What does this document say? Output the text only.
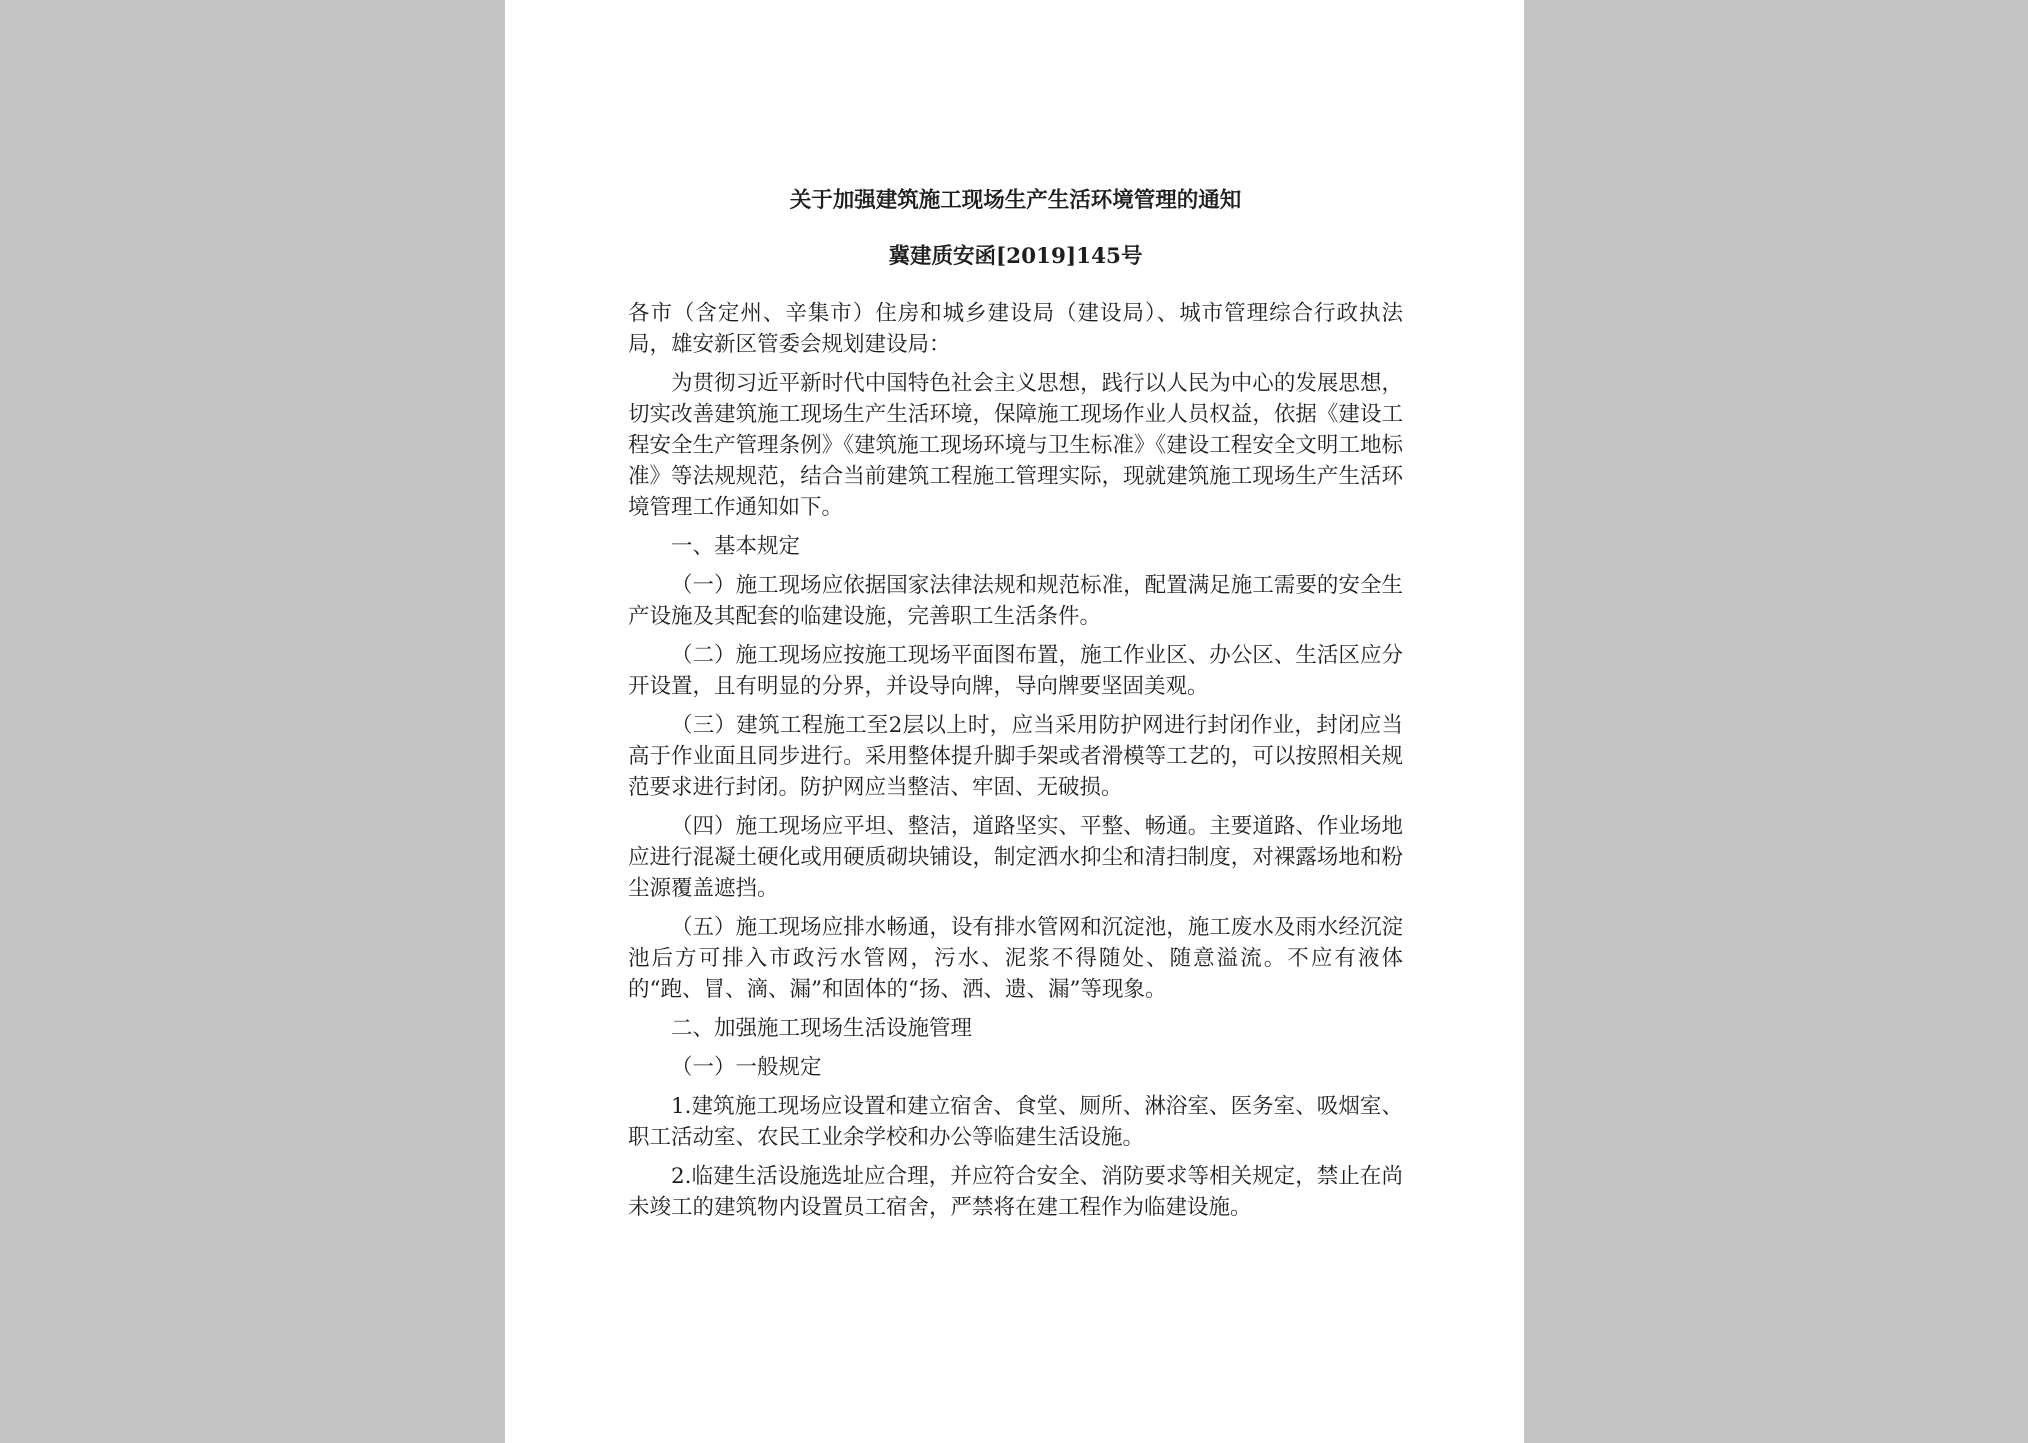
关于加强建筑施工现场生产生活环境管理的通知
冀建质安函[2019]145号
各市（含定州、辛集市）住房和城乡建设局（建设局）、城市管理综合行政执法局，雄安新区管委会规划建设局：

为贯彻习近平新时代中国特色社会主义思想，践行以人民为中心的发展思想，切实改善建筑施工现场生产生活环境，保障施工现场作业人员权益，依据《建设工程安全生产管理条例》《建筑施工现场环境与卫生标准》《建设工程安全文明工地标准》等法规规范，结合当前建筑工程施工管理实际，现就建筑施工现场生产生活环境管理工作通知如下。

一、基本规定

（一）施工现场应依据国家法律法规和规范标准，配置满足施工需要的安全生产设施及其配套的临建设施，完善职工生活条件。

（二）施工现场应按施工现场平面图布置，施工作业区、办公区、生活区应分开设置，且有明显的分界，并设导向牌，导向牌要坚固美观。

（三）建筑工程施工至2层以上时，应当采用防护网进行封闭作业，封闭应当高于作业面且同步进行。采用整体提升脚手架或者滑模等工艺的，可以按照相关规范要求进行封闭。防护网应当整洁、牢固、无破损。

（四）施工现场应平坦、整洁，道路坚实、平整、畅通。主要道路、作业场地应进行混凝土硬化或用硬质砌块铺设，制定洒水抑尘和清扫制度，对裸露场地和粉尘源覆盖遮挡。

（五）施工现场应排水畅通，设有排水管网和沉淀池，施工废水及雨水经沉淀池后方可排入市政污水管网，污水、泥浆不得随处、随意溢流。不应有液体的“跑、冒、滴、漏”和固体的“扬、洒、遗、漏”等现象。

二、加强施工现场生活设施管理

（一）一般规定

1.建筑施工现场应设置和建立宿舍、食堂、厕所、淋浴室、医务室、吸烟室、职工活动室、农民工业余学校和办公等临建生活设施。

2.临建生活设施选址应合理，并应符合安全、消防要求等相关规定，禁止在尚未竣工的建筑物内设置员工宿舍，严禁将在建工程作为临建设施。
